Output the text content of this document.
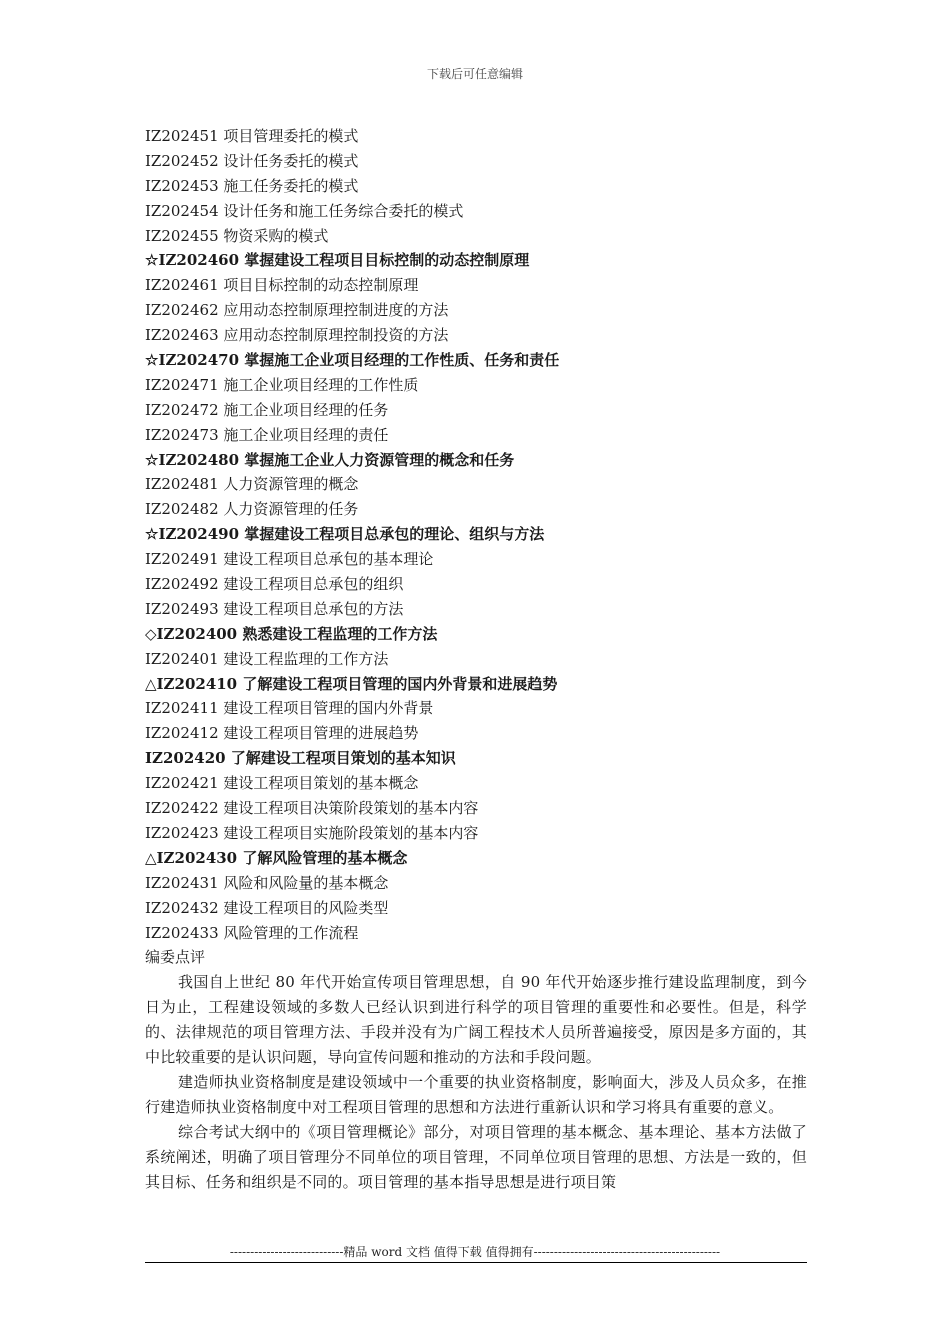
下载后可任意编辑
IZ202451 项目管理委托的模式
IZ202452 设计任务委托的模式
IZ202453 施工任务委托的模式
IZ202454 设计任务和施工任务综合委托的模式
IZ202455 物资采购的模式
☆IZ202460 掌握建设工程项目目标控制的动态控制原理
IZ202461 项目目标控制的动态控制原理
IZ202462 应用动态控制原理控制进度的方法
IZ202463 应用动态控制原理控制投资的方法
☆IZ202470 掌握施工企业项目经理的工作性质、任务和责任
IZ202471 施工企业项目经理的工作性质
IZ202472 施工企业项目经理的任务
IZ202473 施工企业项目经理的责任
☆IZ202480 掌握施工企业人力资源管理的概念和任务
IZ202481 人力资源管理的概念
IZ202482 人力资源管理的任务
☆IZ202490 掌握建设工程项目总承包的理论、组织与方法
IZ202491 建设工程项目总承包的基本理论
IZ202492 建设工程项目总承包的组织
IZ202493 建设工程项目总承包的方法
◇IZ202400 熟悉建设工程监理的工作方法
IZ202401 建设工程监理的工作方法
△IZ202410 了解建设工程项目管理的国内外背景和进展趋势
IZ202411 建设工程项目管理的国内外背景
IZ202412 建设工程项目管理的进展趋势
IZ202420 了解建设工程项目策划的基本知识
IZ202421 建设工程项目策划的基本概念
IZ202422 建设工程项目决策阶段策划的基本内容
IZ202423 建设工程项目实施阶段策划的基本内容
△IZ202430 了解风险管理的基本概念
IZ202431 风险和风险量的基本概念
IZ202432 建设工程项目的风险类型
IZ202433 风险管理的工作流程
编委点评

我国自上世纪 80 年代开始宣传项目管理思想，自 90 年代开始逐步推行建设监理制度，到今日为止，工程建设领域的多数人已经认识到进行科学的项目管理的重要性和必要性。但是，科学的、法律规范的项目管理方法、手段并没有为广阔工程技术人员所普遍接受，原因是多方面的，其中比较重要的是认识问题，导向宣传问题和推动的方法和手段问题。

建造师执业资格制度是建设领域中一个重要的执业资格制度，影响面大，涉及人员众多，在推行建造师执业资格制度中对工程项目管理的思想和方法进行重新认识和学习将具有重要的意义。

综合考试大纲中的《项目管理概论》部分，对项目管理的基本概念、基本理论、基本方法做了系统阐述，明确了项目管理分不同单位的项目管理，不同单位项目管理的思想、方法是一致的，但其目标、任务和组织是不同的。项目管理的基本指导思想是进行项目策

----------------------------精品 word 文档 值得下载 值得拥有----------------------------------------------
